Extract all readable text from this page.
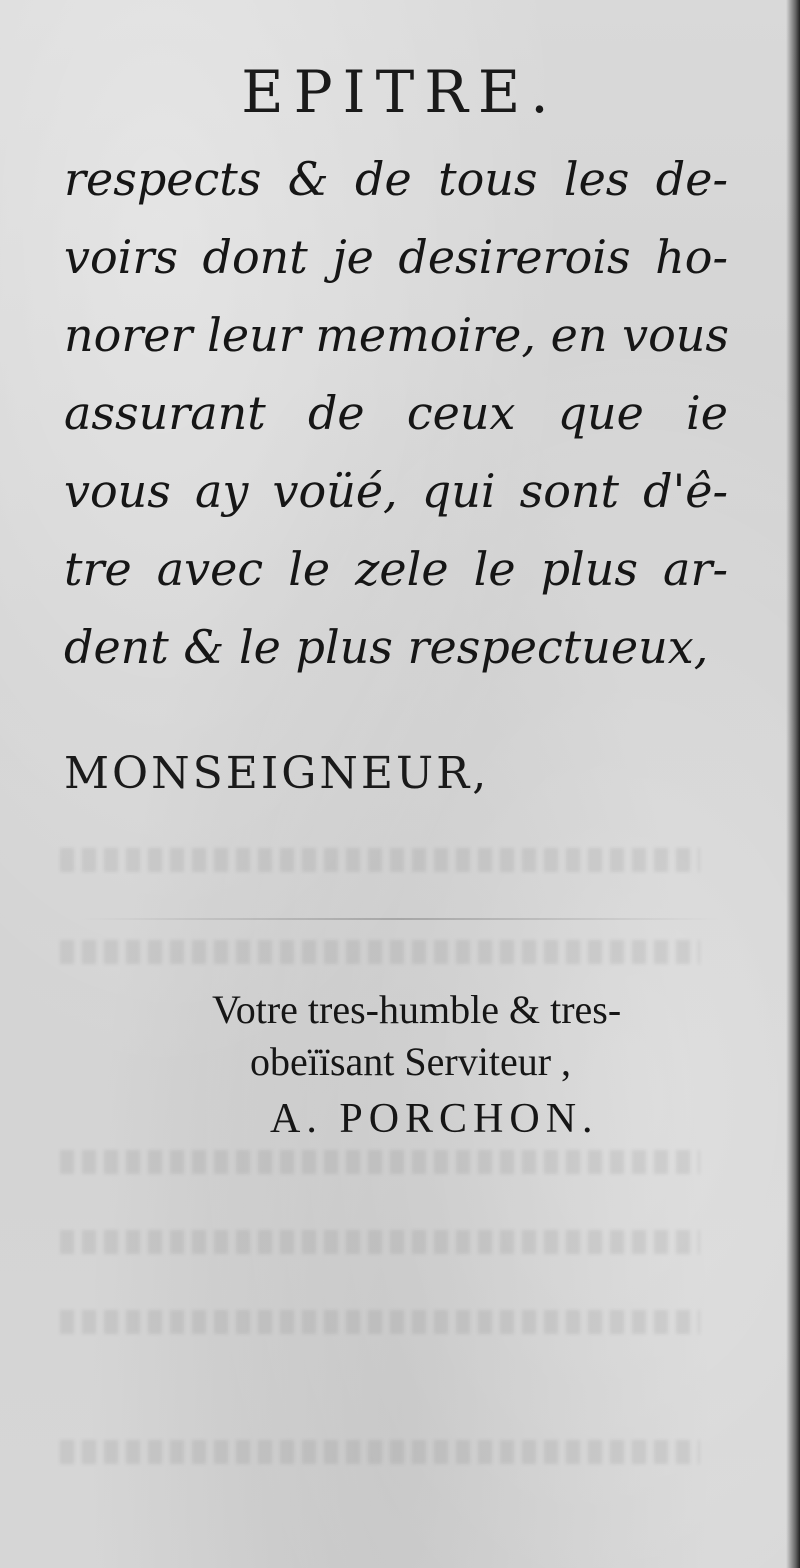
EPITRE.
respects & de tous les de-
voirs dont je desirerois ho-
norer leur memoire, en vous
assurant de ceux que ie
vous ay voüé, qui sont d'ê-
tre avec le zele le plus ar-
dent & le plus respectueux,
MONSEIGNEUR,
Votre tres-humble & tres-
obeïïsant Serviteur ,
A. PORCHON.
